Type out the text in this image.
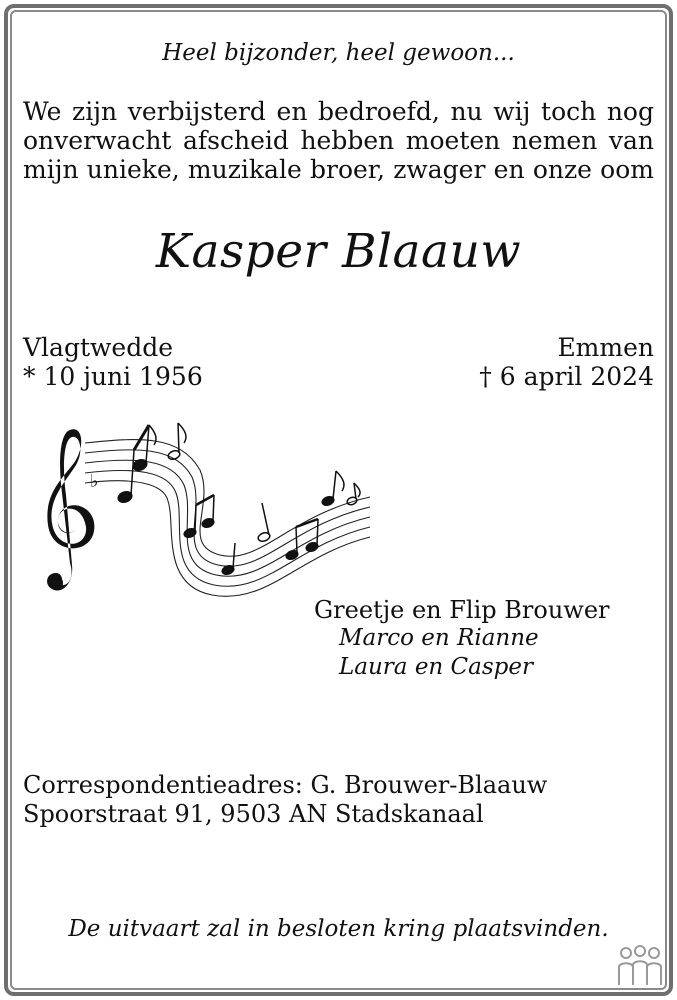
Heel bijzonder, heel gewoon...

We zijn verbijsterd en bedroefd, nu wij toch nog
onverwacht afscheid hebben moeten nemen van
mijn unieke, muzikale broer, zwager en onze oom

Kasper Blaauw

Vlagtwedde

* 10 juni 1956

Emmen

† 6 april 2024

♭

Greetje en Flip Brouwer

Marco en Rianne

Laura en Casper

Correspondentieadres: G. Brouwer-Blaauw

Spoorstraat 91, 9503 AN Stadskanaal

De uitvaart zal in besloten kring plaatsvinden.
